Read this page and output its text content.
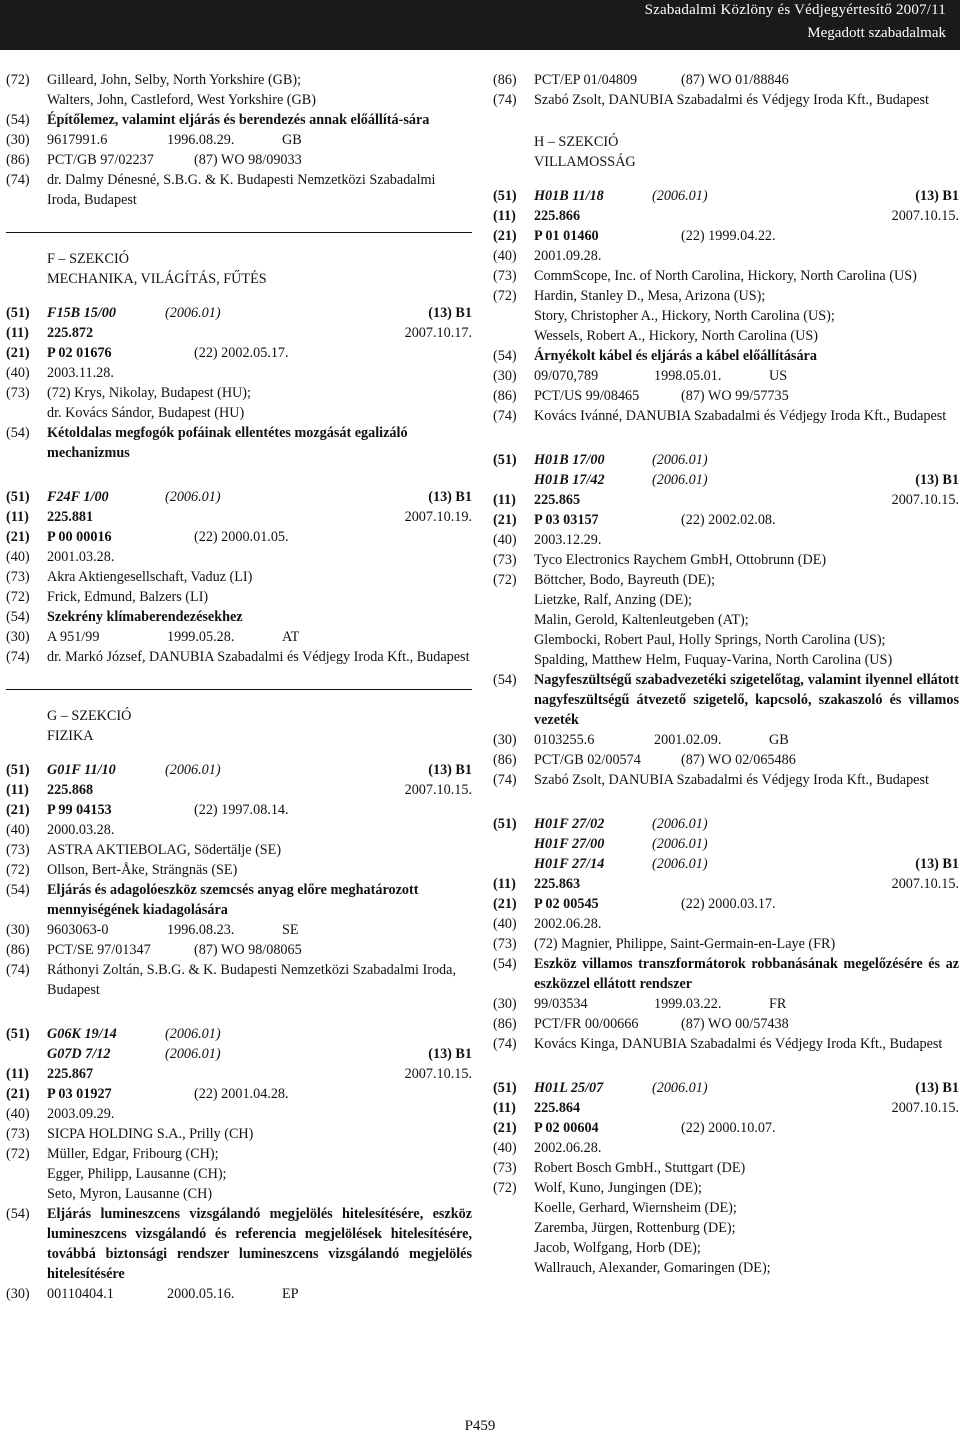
Szabadalmi Közlöny és Védjegyértesítő 2007/11
Megadott szabadalmak
(72)	Gilleard, John, Selby, North Yorkshire (GB);
Walters, John, Castleford, West Yorkshire (GB)
(54)	Építőlemez, valamint eljárás és berendezés annak előállítá-sára
(30)	9617991.6	1996.08.29.	GB
(86)	PCT/GB 97/02237	(87) WO 98/09033
(74)	dr. Dalmy Dénesné, S.B.G. & K. Budapesti Nemzetközi Szabadalmi Iroda, Budapest
F – SZEKCIÓ
MECHANIKA, VILÁGÍTÁS, FŰTÉS
(51)	F15B 15/00	(2006.01)	(13) B1
(11)	225.872	2007.10.17.
(21)	P 02 01676	(22) 2002.05.17.
(40)	2003.11.28.
(73)	(72) Krys, Nikolay, Budapest (HU);
dr. Kovács Sándor, Budapest (HU)
(54)	Kétoldalas megfogók pofáinak ellentétes mozgását egalizáló mechanizmus
(51)	F24F 1/00	(2006.01)	(13) B1
(11)	225.881	2007.10.19.
(21)	P 00 00016	(22) 2000.01.05.
(40)	2001.03.28.
(73)	Akra Aktiengesellschaft, Vaduz (LI)
(72)	Frick, Edmund, Balzers (LI)
(54)	Szekrény klímaberendezésekhez
(30)	A 951/99	1999.05.28.	AT
(74)	dr. Markó József, DANUBIA Szabadalmi és Védjegy Iroda Kft., Budapest
G – SZEKCIÓ
FIZIKA
(51)	G01F 11/10	(2006.01)	(13) B1
(11)	225.868	2007.10.15.
(21)	P 99 04153	(22) 1997.08.14.
(40)	2000.03.28.
(73)	ASTRA AKTIEBOLAG, Södertälje (SE)
(72)	Ollson, Bert-Åke, Strängnäs (SE)
(54)	Eljárás és adagolóeszköz szemcsés anyag előre meghatározott mennyiségének kiadagolására
(30)	9603063-0	1996.08.23.	SE
(86)	PCT/SE 97/01347	(87) WO 98/08065
(74)	Ráthonyi Zoltán, S.B.G. & K. Budapesti Nemzetközi Szabadalmi Iroda, Budapest
(51)	G06K 19/14	(2006.01)
G07D 7/12	(2006.01)	(13) B1
(11)	225.867	2007.10.15.
(21)	P 03 01927	(22) 2001.04.28.
(40)	2003.09.29.
(73)	SICPA HOLDING S.A., Prilly (CH)
(72)	Müller, Edgar, Fribourg (CH);
Egger, Philipp, Lausanne (CH);
Seto, Myron, Lausanne (CH)
(54)	Eljárás lumineszcens vizsgálandó megjelölés hitelesítésére, eszköz lumineszcens vizsgálandó és referencia megjelölések hitelesítésére, továbbá biztonsági rendszer lumineszcens vizsgálandó megjelölés hitelesítésére
(30)	00110404.1	2000.05.16.	EP
(86)	PCT/EP 01/04809	(87) WO 01/88846
(74)	Szabó Zsolt, DANUBIA Szabadalmi és Védjegy Iroda Kft., Budapest
H – SZEKCIÓ
VILLAMOSSÁG
(51)	H01B 11/18	(2006.01)	(13) B1
(11)	225.866	2007.10.15.
(21)	P 01 01460	(22) 1999.04.22.
(40)	2001.09.28.
(73)	CommScope, Inc. of North Carolina, Hickory, North Carolina (US)
(72)	Hardin, Stanley D., Mesa, Arizona (US);
Story, Christopher A., Hickory, North Carolina (US);
Wessels, Robert A., Hickory, North Carolina (US)
(54)	Árnyékolt kábel és eljárás a kábel előállítására
(30)	09/070,789	1998.05.01.	US
(86)	PCT/US 99/08465	(87) WO 99/57735
(74)	Kovács Ivánné, DANUBIA Szabadalmi és Védjegy Iroda Kft., Budapest
(51)	H01B 17/00	(2006.01)
H01B 17/42	(2006.01)	(13) B1
(11)	225.865	2007.10.15.
(21)	P 03 03157	(22) 2002.02.08.
(40)	2003.12.29.
(73)	Tyco Electronics Raychem GmbH, Ottobrunn (DE)
(72)	Böttcher, Bodo, Bayreuth (DE);
Lietzke, Ralf, Anzing (DE);
Malin, Gerold, Kaltenleutgeben (AT);
Glembocki, Robert Paul, Holly Springs, North Carolina (US);
Spalding, Matthew Helm, Fuquay-Varina, North Carolina (US)
(54)	Nagyfeszültségű szabadvezetéki szigetelőtag, valamint ilyennel ellátott nagyfeszültségű átvezető szigetelő, kapcsoló, szakaszoló és villamos vezeték
(30)	0103255.6	2001.02.09.	GB
(86)	PCT/GB 02/00574	(87) WO 02/065486
(74)	Szabó Zsolt, DANUBIA Szabadalmi és Védjegy Iroda Kft., Budapest
(51)	H01F 27/02	(2006.01)
H01F 27/00	(2006.01)
H01F 27/14	(2006.01)	(13) B1
(11)	225.863	2007.10.15.
(21)	P 02 00545	(22) 2000.03.17.
(40)	2002.06.28.
(73)	(72) Magnier, Philippe, Saint-Germain-en-Laye (FR)
(54)	Eszköz villamos transzformátorok robbanásának megelőzésére és az eszközzel ellátott rendszer
(30)	99/03534	1999.03.22.	FR
(86)	PCT/FR 00/00666	(87) WO 00/57438
(74)	Kovács Kinga, DANUBIA Szabadalmi és Védjegy Iroda Kft., Budapest
(51)	H01L 25/07	(2006.01)	(13) B1
(11)	225.864	2007.10.15.
(21)	P 02 00604	(22) 2000.10.07.
(40)	2002.06.28.
(73)	Robert Bosch GmbH., Stuttgart (DE)
(72)	Wolf, Kuno, Jungingen (DE);
Koelle, Gerhard, Wiernsheim (DE);
Zaremba, Jürgen, Rottenburg (DE);
Jacob, Wolfgang, Horb (DE);
Wallrauch, Alexander, Gomaringen (DE);
P459
